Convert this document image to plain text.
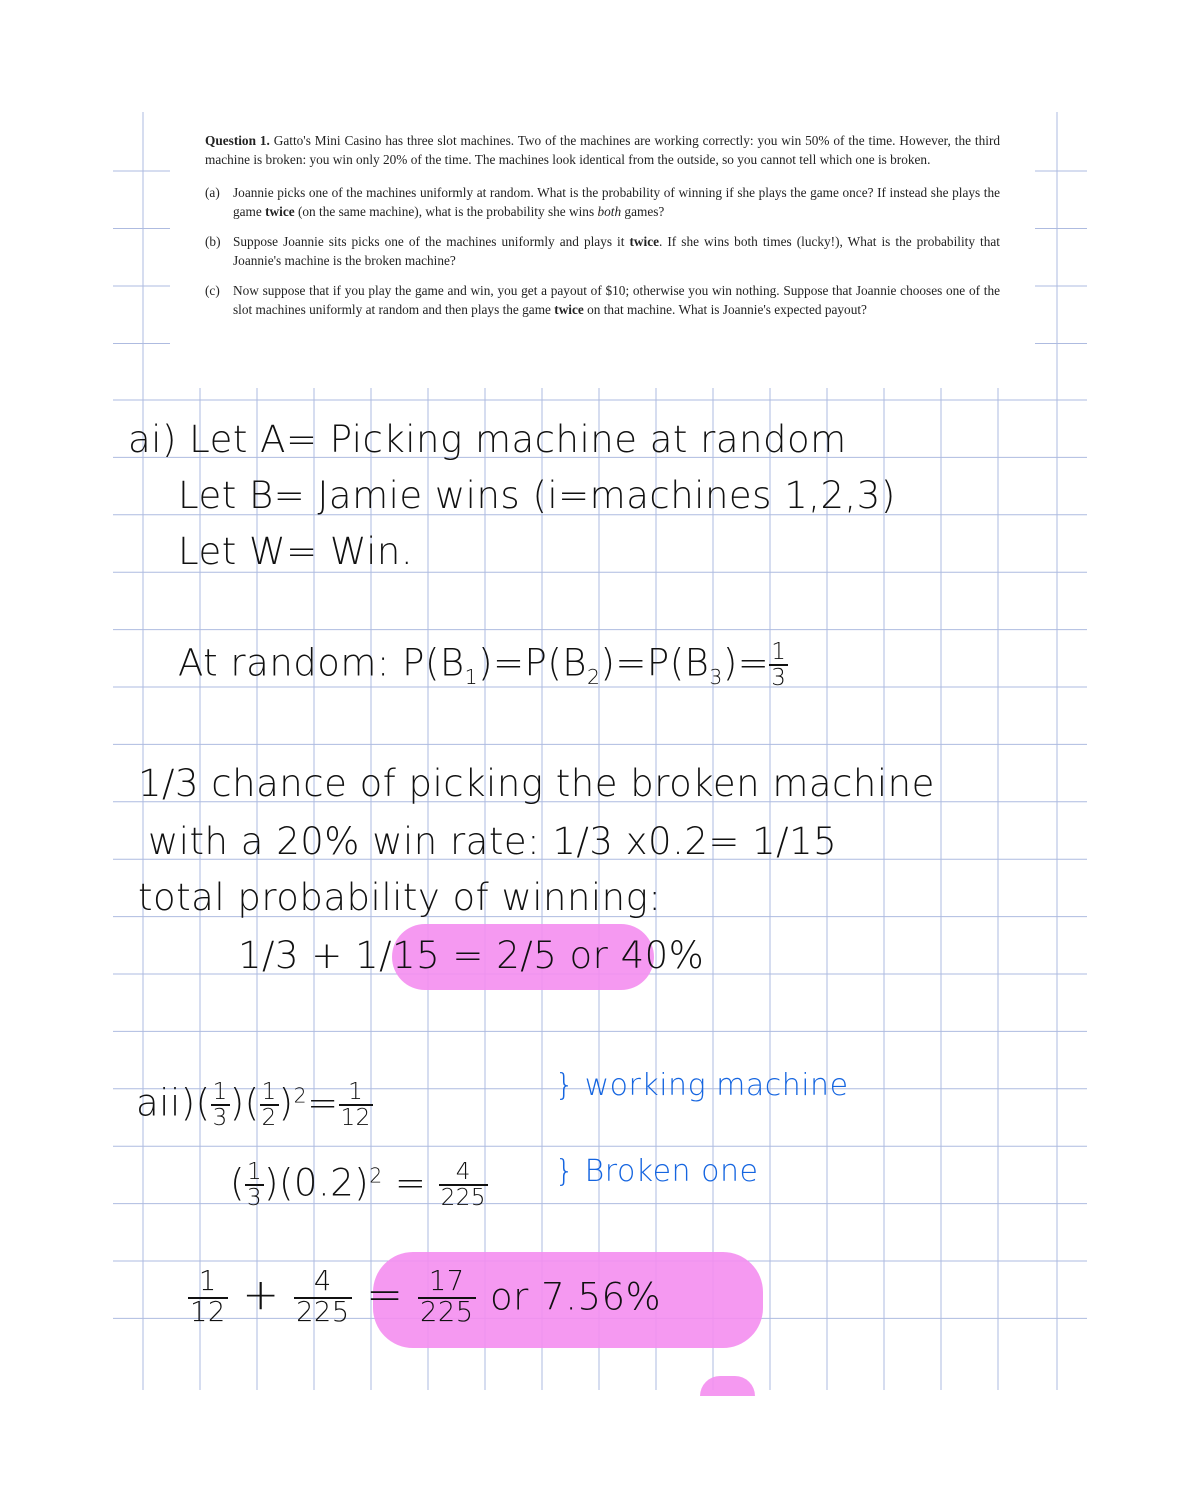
Question 1. Gatto's Mini Casino has three slot machines. Two of the machines are working correctly: you win 50% of the time. However, the third machine is broken: you win only 20% of the time. The machines look identical from the outside, so you cannot tell which one is broken.

(a) Joannie picks one of the machines uniformly at random. What is the probability of winning if she plays the game once? If instead she plays the game twice (on the same machine), what is the probability she wins both games?
(b) Suppose Joannie sits picks one of the machines uniformly and plays it twice. If she wins both times (lucky!), What is the probability that Joannie's machine is the broken machine?
(c) Now suppose that if you play the game and win, you get a payout of $10; otherwise you win nothing. Suppose that Joannie chooses one of the slot machines uniformly at random and then plays the game twice on that machine. What is Joannie's expected payout?
ai) Let A= Picking machine at random
Let B= Jamie wins (i=machines 1,2,3)
Let W= Win.
At random: $P(B_1)=P(B_2)=P(B_3)= \frac{1}{3}$
1/3 chance of picking the broken machine
with a 20% win rate: 1/3 x0.2= 1/15
total probability of winning:
1/3 + 1/15 = 2/5 or 40%
$aii)( \frac{1}{3}$ )( $\frac{1}{2} )^2= \frac{1}{12}$	} working machine
( $\frac{1}{3} )(0.2)^2 = \frac{4}{225}$ } Broken one
$\frac{1}{12} + \frac{4}{225} = \frac{17}{225}$ or 7.56%
